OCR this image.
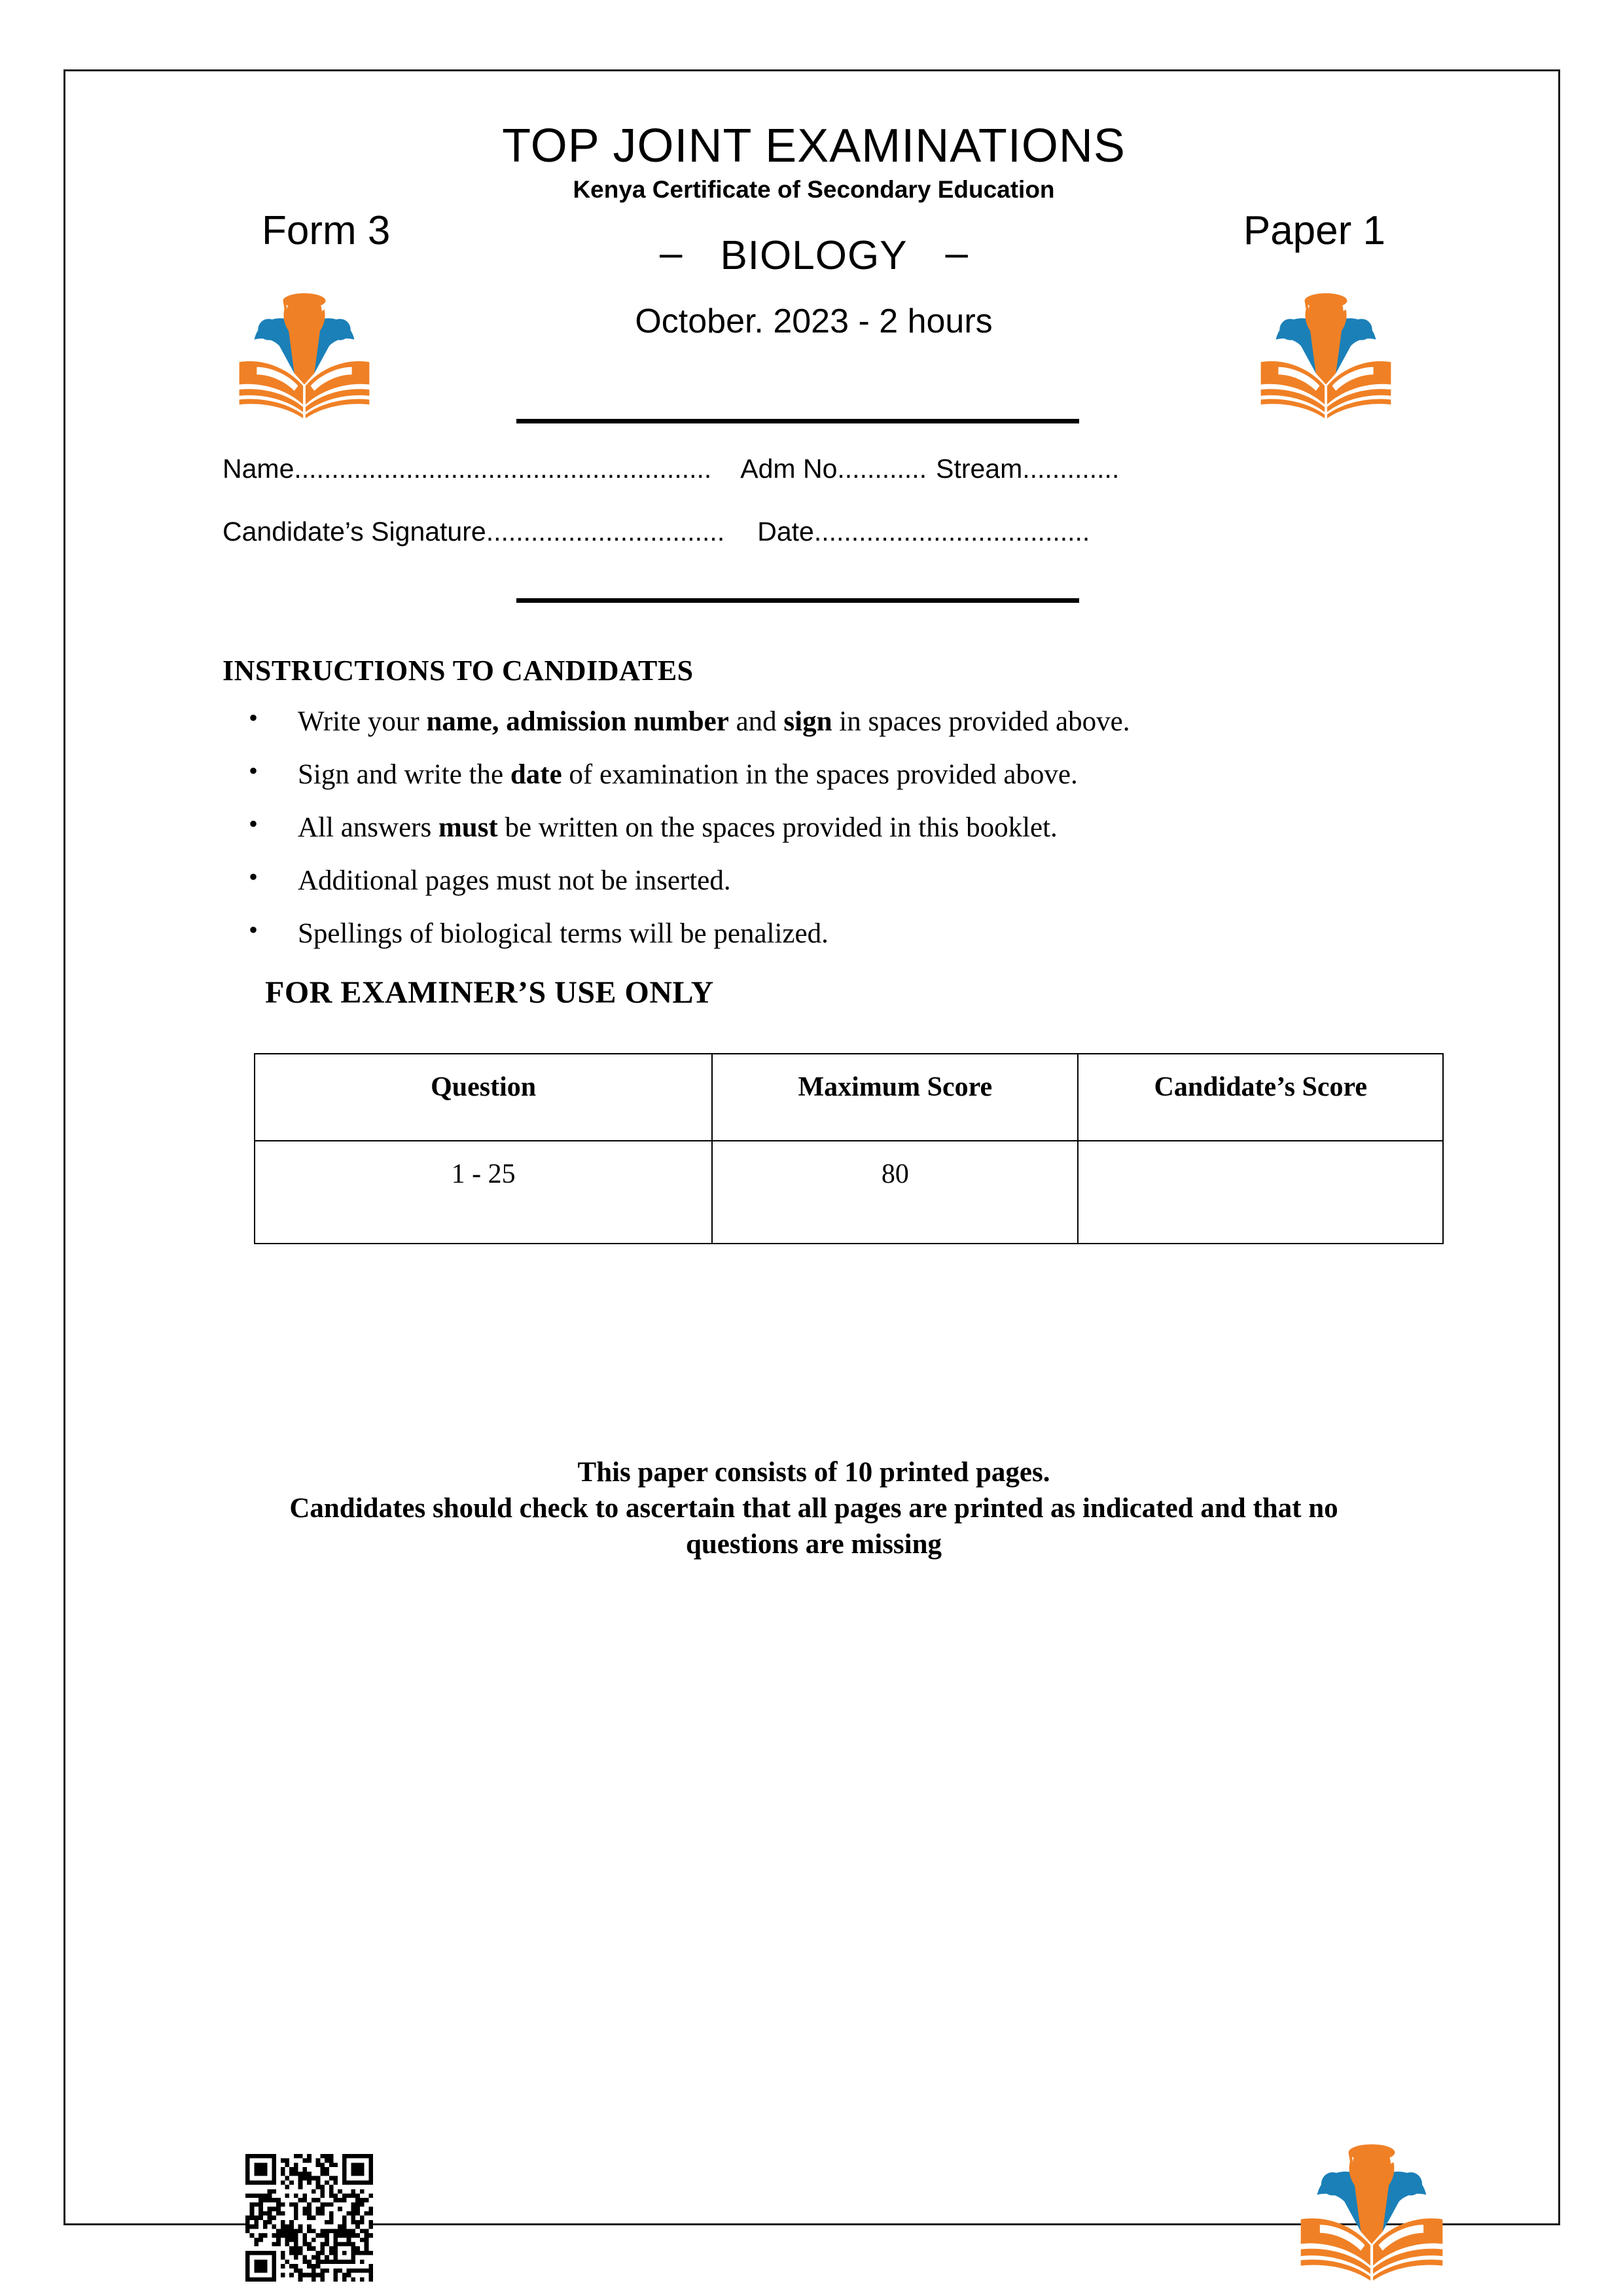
TOP JOINT EXAMINATIONS
Kenya Certificate of Secondary Education
Form 3	– BIOLOGY –	Paper 1
October. 2023 - 2 hours
Name........................................................ Adm No............ Stream.............
Candidate’s Signature................................ Date.....................................
INSTRUCTIONS TO CANDIDATES
• Write your name, admission number and sign in spaces provided above.
• Sign and write the date of examination in the spaces provided above.
• All answers must be written on the spaces provided in this booklet.
• Additional pages must not be inserted.
• Spellings of biological terms will be penalized.
FOR EXAMINER’S USE ONLY
Question	Maximum Score	Candidate’s Score
1 - 25	80	
This paper consists of 10 printed pages.
Candidates should check to ascertain that all pages are printed as indicated and that no
questions are missing
